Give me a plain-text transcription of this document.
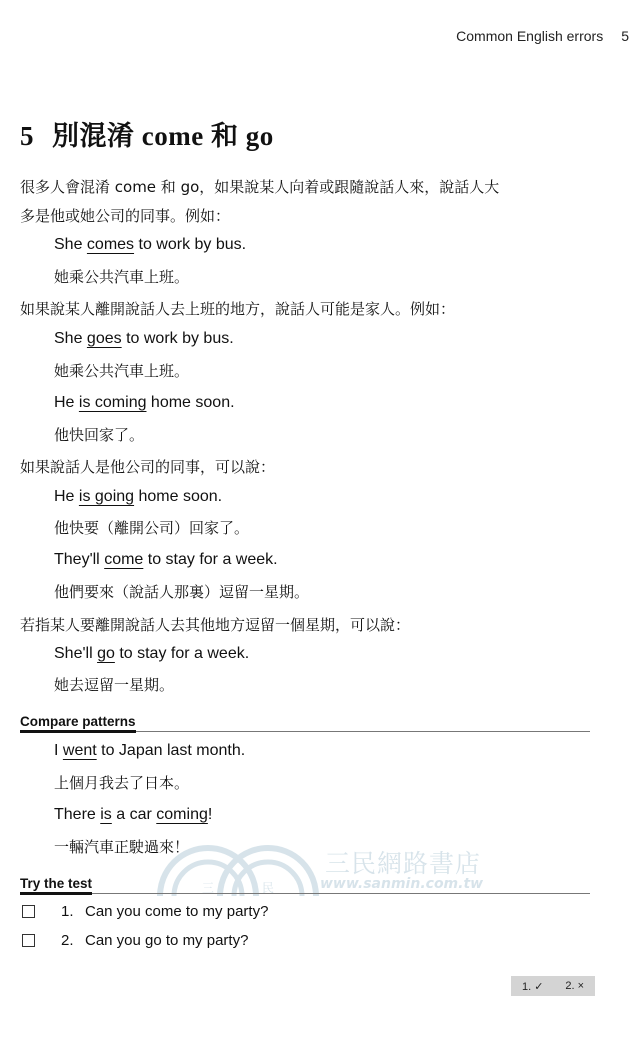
Common English errors 5
5 別混淆 come 和 go
很多人會混淆 come 和 go，如果說某人向着或跟隨說話人來，說話人大
多是他或她公司的同事。例如：
She comes to work by bus.
她乘公共汽車上班。
如果說某人離開說話人去上班的地方，說話人可能是家人。例如：
She goes to work by bus.
她乘公共汽車上班。
He is coming home soon.
他快回家了。
如果說話人是他公司的同事，可以說：
He is going home soon.
他快要（離開公司）回家了。
They'll come to stay for a week.
他們要來（說話人那裏）逗留一星期。
若指某人要離開說話人去其他地方逗留一個星期，可以說：
She'll go to stay for a week.
她去逗留一星期。
Compare patterns
I went to Japan last month.
上個月我去了日本。
There is a car coming!
一輛汽車正駛過來！
三	民
三民網路書店
www.sanmin.com.tw
Try the test
1. Can you come to my party?
2. Can you go to my party?
1. ✓ 2. ×
